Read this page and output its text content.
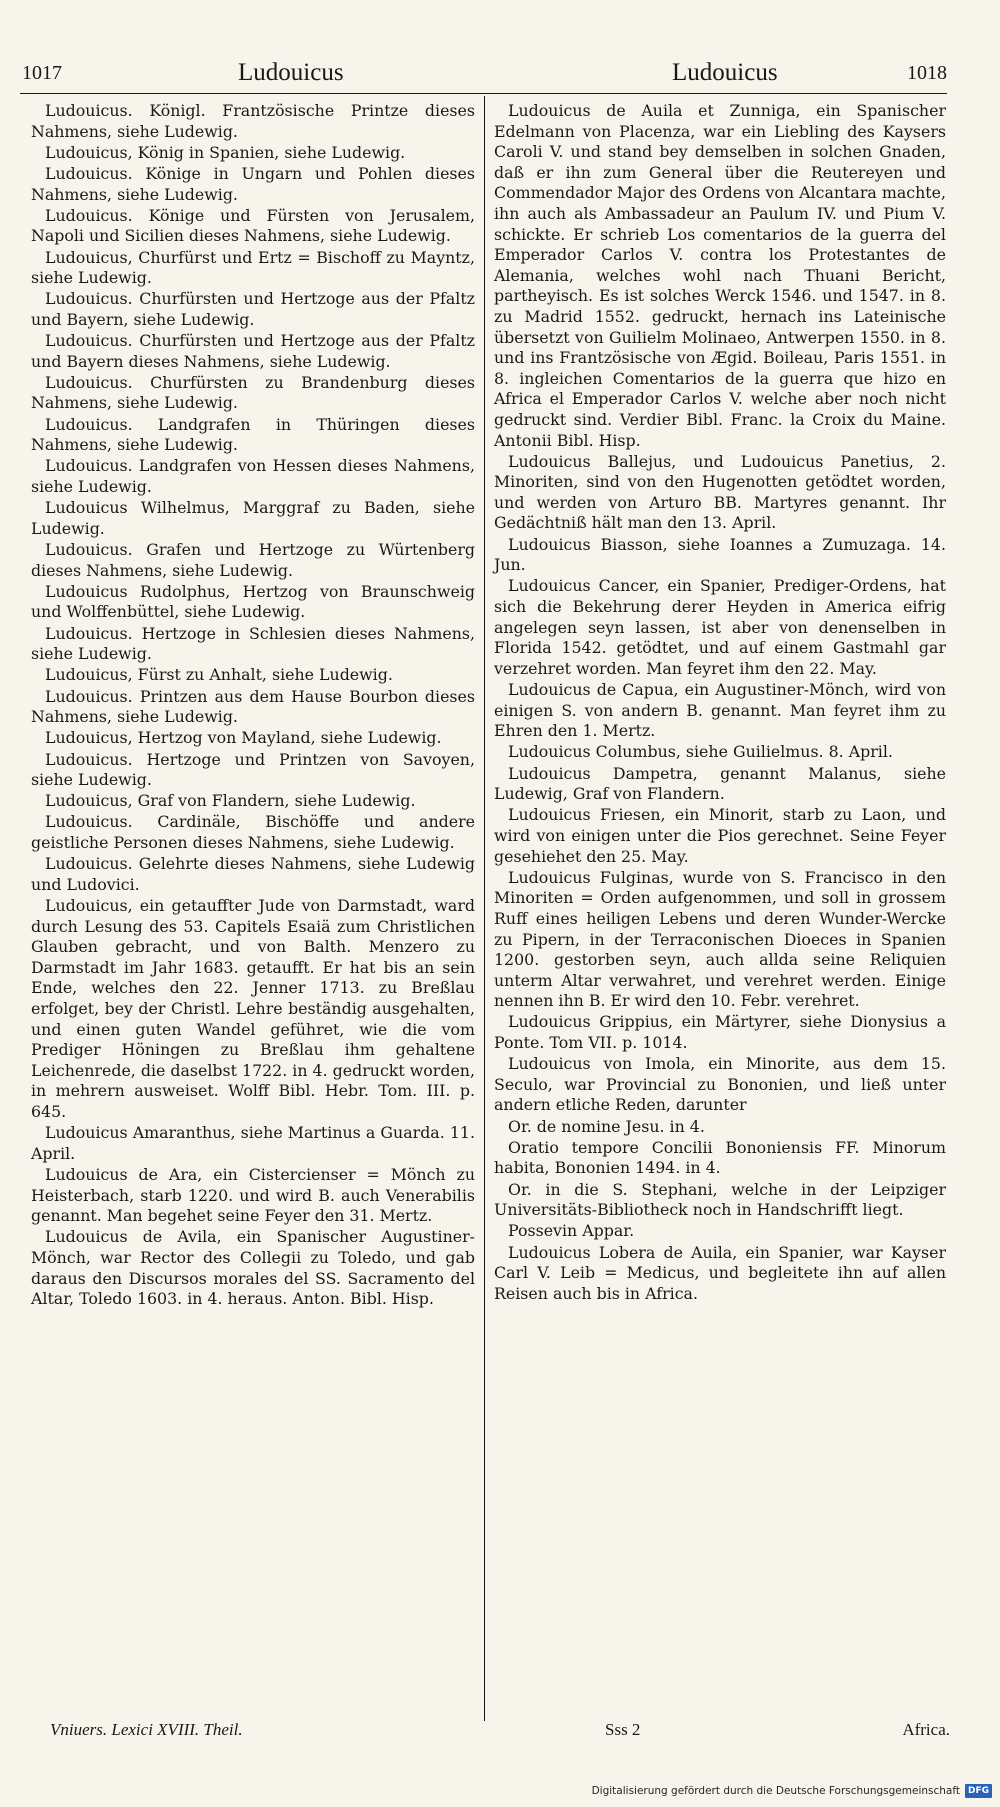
1017	Ludouicus	Ludouicus	1018

Ludouicus. Königl. Frantzösische Printze dieses Nahmens, siehe Ludewig.

Ludouicus, König in Spanien, siehe Ludewig.

Ludouicus. Könige in Ungarn und Pohlen dieses Nahmens, siehe Ludewig.

Ludouicus. Könige und Fürsten von Jerusalem, Napoli und Sicilien dieses Nahmens, siehe Ludewig.

Ludouicus, Churfürst und Ertz = Bischoff zu Mayntz, siehe Ludewig.

Ludouicus. Churfürsten und Hertzoge aus der Pfaltz und Bayern, siehe Ludewig.

Ludouicus. Churfürsten und Hertzoge aus der Pfaltz und Bayern dieses Nahmens, siehe Ludewig.

Ludouicus. Churfürsten zu Brandenburg dieses Nahmens, siehe Ludewig.

Ludouicus. Landgrafen in Thüringen dieses Nahmens, siehe Ludewig.

Ludouicus. Landgrafen von Hessen dieses Nahmens, siehe Ludewig.

Ludouicus Wilhelmus, Marggraf zu Baden, siehe Ludewig.

Ludouicus. Grafen und Hertzoge zu Würtenberg dieses Nahmens, siehe Ludewig.

Ludouicus Rudolphus, Hertzog von Braunschweig und Wolffenbüttel, siehe Ludewig.

Ludouicus. Hertzoge in Schlesien dieses Nahmens, siehe Ludewig.

Ludouicus, Fürst zu Anhalt, siehe Ludewig.

Ludouicus. Printzen aus dem Hause Bourbon dieses Nahmens, siehe Ludewig.

Ludouicus, Hertzog von Mayland, siehe Ludewig.

Ludouicus. Hertzoge und Printzen von Savoyen, siehe Ludewig.

Ludouicus, Graf von Flandern, siehe Ludewig.

Ludouicus. Cardinäle, Bischöffe und andere geistliche Personen dieses Nahmens, siehe Ludewig.

Ludouicus. Gelehrte dieses Nahmens, siehe Ludewig und Ludovici.

Ludouicus, ein getauffter Jude von Darmstadt, ward durch Lesung des 53. Capitels Esaiä zum Christlichen Glauben gebracht, und von Balth. Menzero zu Darmstadt im Jahr 1683. getaufft. Er hat bis an sein Ende, welches den 22. Jenner 1713. zu Breßlau erfolget, bey der Christl. Lehre beständig ausgehalten, und einen guten Wandel geführet, wie die vom Prediger Höningen zu Breßlau ihm gehaltene Leichenrede, die daselbst 1722. in 4. gedruckt worden, in mehrern ausweiset. Wolff Bibl. Hebr. Tom. III. p. 645.

Ludouicus Amaranthus, siehe Martinus a Guarda. 11. April.

Ludouicus de Ara, ein Cistercienser = Mönch zu Heisterbach, starb 1220. und wird B. auch Venerabilis genannt. Man begehet seine Feyer den 31. Mertz.

Ludouicus de Avila, ein Spanischer Augustiner-Mönch, war Rector des Collegii zu Toledo, und gab daraus den Discursos morales del SS. Sacramento del Altar, Toledo 1603. in 4. heraus. Anton. Bibl. Hisp.

Ludouicus de Auila et Zunniga, ein Spanischer Edelmann von Placenza, war ein Liebling des Kaysers Caroli V. und stand bey demselben in solchen Gnaden, daß er ihn zum General über die Reutereyen und Commendador Major des Ordens von Alcantara machte, ihn auch als Ambassadeur an Paulum IV. und Pium V. schickte. Er schrieb Los comentarios de la guerra del Emperador Carlos V. contra los Protestantes de Alemania, welches wohl nach Thuani Bericht, partheyisch. Es ist solches Werck 1546. und 1547. in 8. zu Madrid 1552. gedruckt, hernach ins Lateinische übersetzt von Guilielm Molinaeo, Antwerpen 1550. in 8. und ins Frantzösische von Ægid. Boileau, Paris 1551. in 8. ingleichen Comentarios de la guerra que hizo en Africa el Emperador Carlos V. welche aber noch nicht gedruckt sind. Verdier Bibl. Franc. la Croix du Maine. Antonii Bibl. Hisp.

Ludouicus Ballejus, und Ludouicus Panetius, 2. Minoriten, sind von den Hugenotten getödtet worden, und werden von Arturo BB. Martyres genannt. Ihr Gedächtniß hält man den 13. April.

Ludouicus Biasson, siehe Ioannes a Zumuzaga. 14. Jun.

Ludouicus Cancer, ein Spanier, Prediger-Ordens, hat sich die Bekehrung derer Heyden in America eifrig angelegen seyn lassen, ist aber von denenselben in Florida 1542. getödtet, und auf einem Gastmahl gar verzehret worden. Man feyret ihm den 22. May.

Ludouicus de Capua, ein Augustiner-Mönch, wird von einigen S. von andern B. genannt. Man feyret ihm zu Ehren den 1. Mertz.

Ludouicus Columbus, siehe Guilielmus. 8. April.

Ludouicus Dampetra, genannt Malanus, siehe Ludewig, Graf von Flandern.

Ludouicus Friesen, ein Minorit, starb zu Laon, und wird von einigen unter die Pios gerechnet. Seine Feyer gesehiehet den 25. May.

Ludouicus Fulginas, wurde von S. Francisco in den Minoriten = Orden aufgenommen, und soll in grossem Ruff eines heiligen Lebens und deren Wunder-Wercke zu Pipern, in der Terraconischen Dioeces in Spanien 1200. gestorben seyn, auch allda seine Reliquien unterm Altar verwahret, und verehret werden. Einige nennen ihn B. Er wird den 10. Febr. verehret.

Ludouicus Grippius, ein Märtyrer, siehe Dionysius a Ponte. Tom VII. p. 1014.

Ludouicus von Imola, ein Minorite, aus dem 15. Seculo, war Provincial zu Bononien, und ließ unter andern etliche Reden, darunter

Or. de nomine Jesu. in 4.

Oratio tempore Concilii Bononiensis FF. Minorum habita, Bononien 1494. in 4.

Or. in die S. Stephani, welche in der Leipziger Universitäts-Bibliotheck noch in Handschrifft liegt.

Possevin Appar.

Ludouicus Lobera de Auila, ein Spanier, war Kayser Carl V. Leib = Medicus, und begleitete ihn auf allen Reisen auch bis in Africa.

Vniuers. Lexici XVIII. Theil.	Sss 2	Africa.
Digitalisierung gefördert durch die Deutsche Forschungsgemeinschaft DFG
